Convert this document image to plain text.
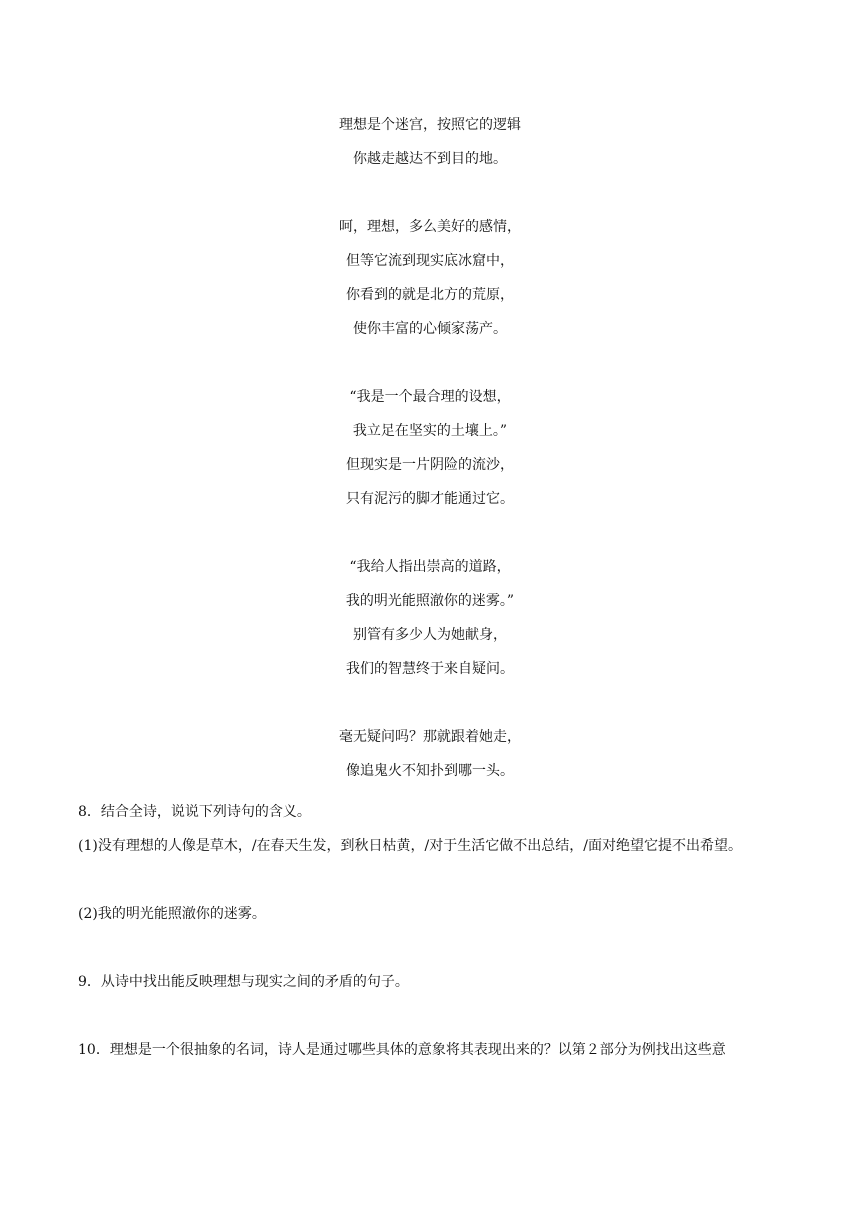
理想是个迷宫，按照它的逻辑
你越走越达不到目的地。
呵，理想，多么美好的感情，
但等它流到现实底冰窟中，
你看到的就是北方的荒原，
使你丰富的心倾家荡产。
“我是一个最合理的设想，
我立足在坚实的土壤上。”
但现实是一片阴险的流沙，
只有泥污的脚才能通过它。
“我给人指出崇高的道路，
我的明光能照澈你的迷雾。”
别管有多少人为她献身，
我们的智慧终于来自疑问。
毫无疑问吗？那就跟着她走，
像追鬼火不知扑到哪一头。

8．结合全诗，说说下列诗句的含义。

(1)没有理想的人像是草木，/在春天生发，到秋日枯黄，/对于生活它做不出总结，/面对绝望它提不出希望。

(2)我的明光能照澈你的迷雾。

9．从诗中找出能反映理想与现实之间的矛盾的句子。

10．理想是一个很抽象的名词，诗人是通过哪些具体的意象将其表现出来的？以第２部分为例找出这些意
